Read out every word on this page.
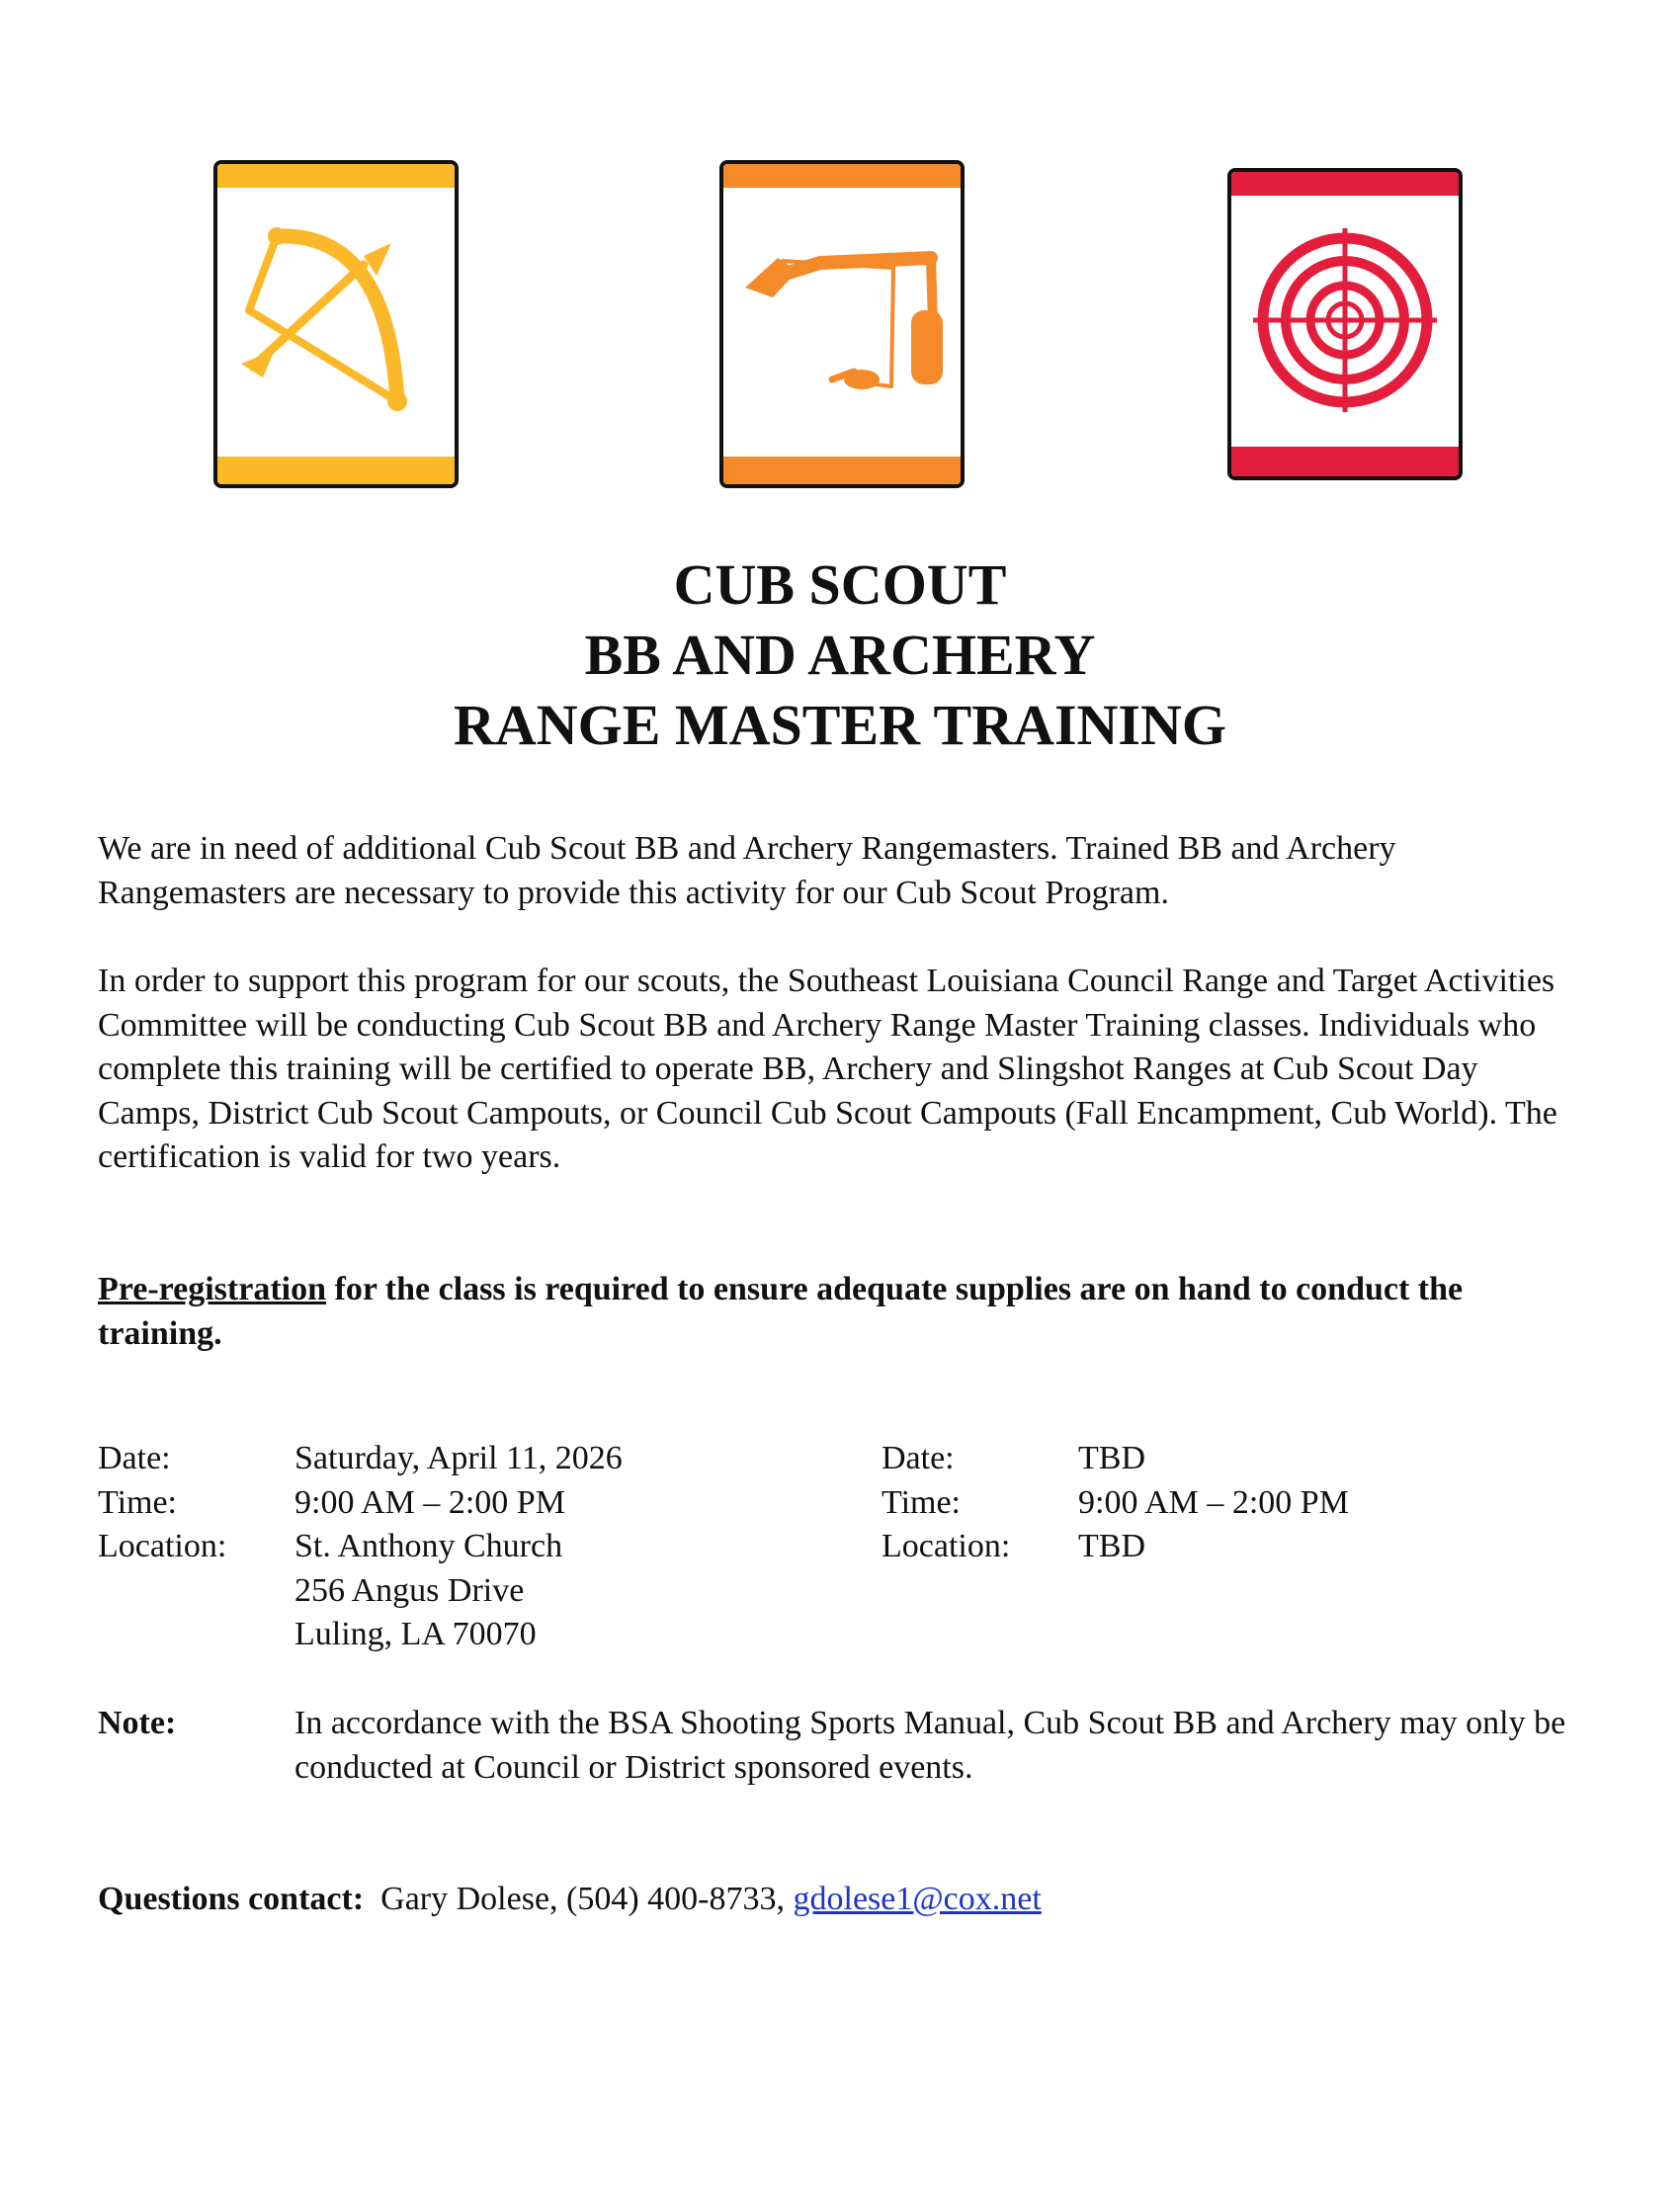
CUB SCOUT
BB AND ARCHERY
RANGE MASTER TRAINING
We are in need of additional Cub Scout BB and Archery Rangemasters. Trained BB and Archery Rangemasters are necessary to provide this activity for our Cub Scout Program.
In order to support this program for our scouts, the Southeast Louisiana Council Range and Target Activities Committee will be conducting Cub Scout BB and Archery Range Master Training classes. Individuals who complete this training will be certified to operate BB, Archery and Slingshot Ranges at Cub Scout Day Camps, District Cub Scout Campouts, or Council Cub Scout Campouts (Fall Encampment, Cub World). The certification is valid for two years.
Pre-registration for the class is required to ensure adequate supplies are on hand to conduct the training.
Date:	Saturday, April 11, 2026
Time:	9:00 AM – 2:00 PM
Location: St. Anthony Church
256 Angus Drive
Luling, LA 70070
Date:	TBD
Time:	9:00 AM – 2:00 PM
Location: TBD
Note:	In accordance with the BSA Shooting Sports Manual, Cub Scout BB and Archery may only be conducted at Council or District sponsored events.
Questions contact: Gary Dolese, (504) 400-8733, gdolese1@cox.net
